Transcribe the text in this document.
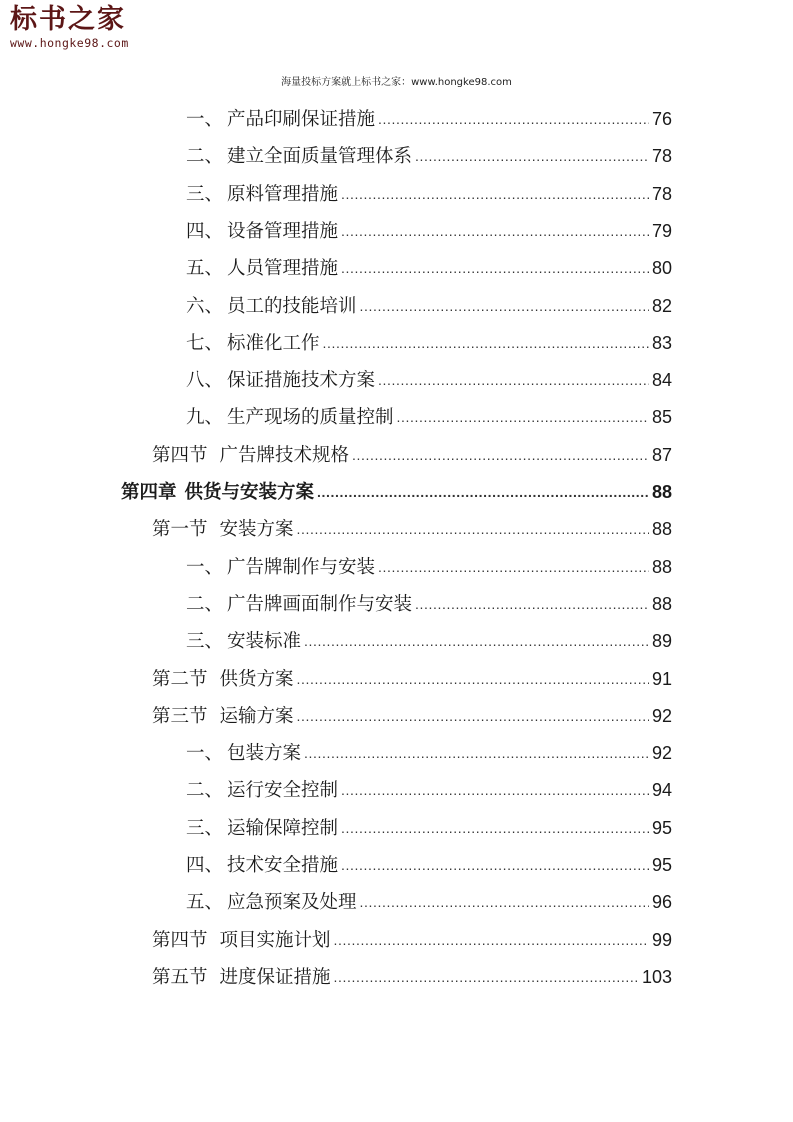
标书之家
www.hongke98.com
海量投标方案就上标书之家：www.hongke98.com
一、 产品印刷保证措施 .....	76
二、 建立全面质量管理体系 .....	78
三、 原料管理措施 .....	78
四、 设备管理措施 .....	79
五、 人员管理措施 .....	80
六、 员工的技能培训 .....	82
七、 标准化工作 .....	83
八、 保证措施技术方案 .....	84
九、 生产现场的质量控制 .....	85
第四节 广告牌技术规格 .....	87
第四章 供货与安装方案 .....	88
第一节 安装方案 .....	88
一、 广告牌制作与安装 .....	88
二、 广告牌画面制作与安装 .....	88
三、 安装标准 .....	89
第二节 供货方案 .....	91
第三节 运输方案 .....	92
一、 包装方案 .....	92
二、 运行安全控制 .....	94
三、 运输保障控制 .....	95
四、 技术安全措施 .....	95
五、 应急预案及处理 .....	96
第四节 项目实施计划 .....	99
第五节 进度保证措施 .....	103
